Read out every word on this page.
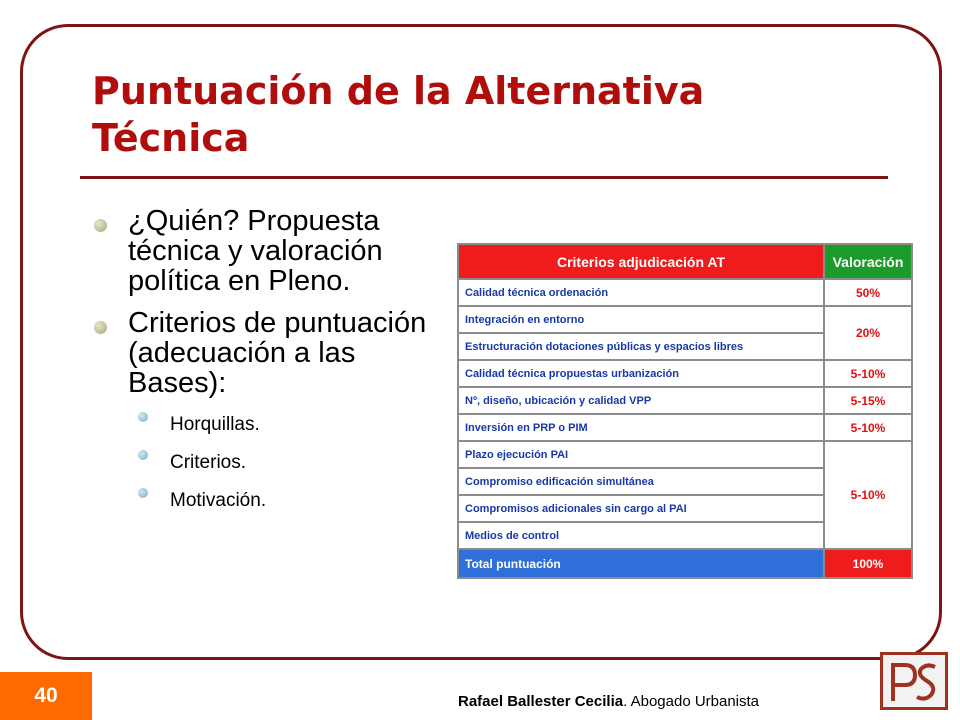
Puntuación de la Alternativa Técnica
¿Quién? Propuesta técnica y valoración política en Pleno.
Criterios de puntuación (adecuación a las Bases):
Horquillas.
Criterios.
Motivación.
Criterios adjudicación AT	Valoración
Calidad técnica ordenación	50%
Integración en entorno	20%
Estructuración dotaciones públicas y espacios libres	
Calidad técnica propuestas urbanización	5-10%
Nº, diseño, ubicación y calidad VPP	5-15%
Inversión en PRP o PIM	5-10%
Plazo ejecución PAI	5-10%
Compromiso edificación simultánea	
Compromisos adicionales sin cargo al PAI	
Medios de control	
Total puntuación	100%
40	Rafael Ballester Cecilia. Abogado Urbanista
